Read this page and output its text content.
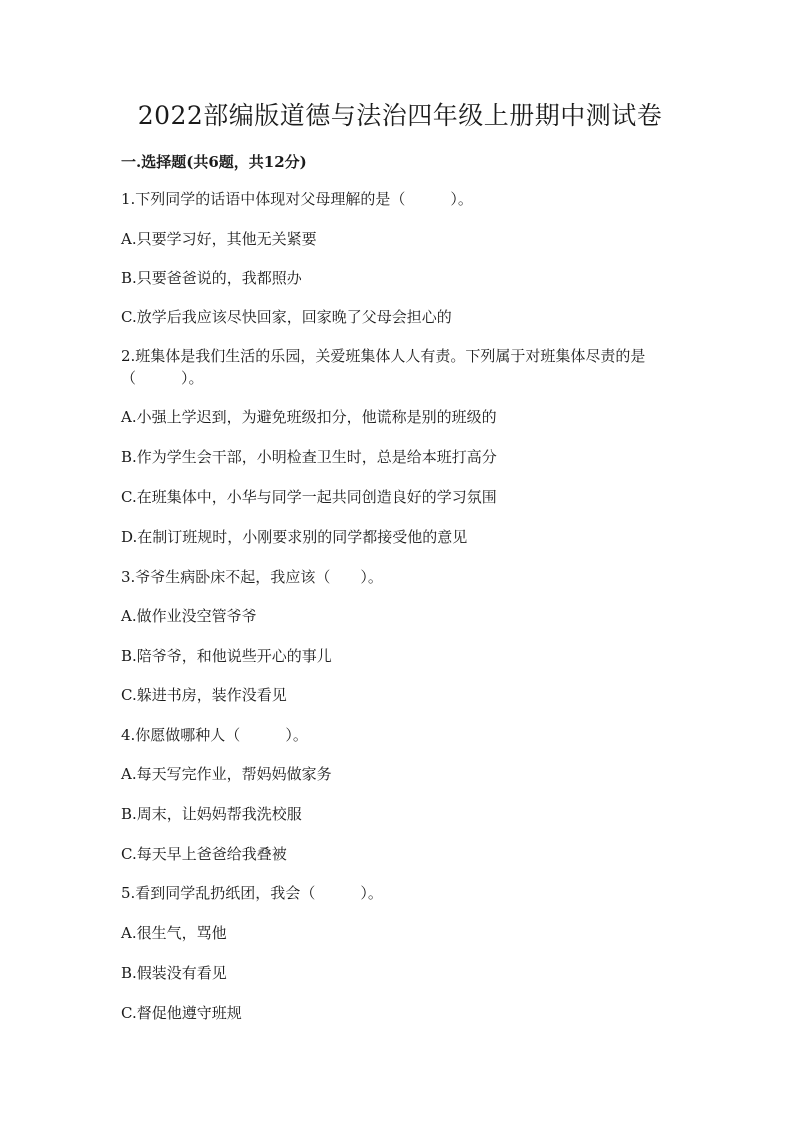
2022部编版道德与法治四年级上册期中测试卷
一.选择题(共6题，共12分)
1.下列同学的话语中体现对父母理解的是（　　　）。
A.只要学习好，其他无关紧要
B.只要爸爸说的，我都照办
C.放学后我应该尽快回家，回家晚了父母会担心的
2.班集体是我们生活的乐园，关爱班集体人人有责。下列属于对班集体尽责的是（　　　）。
A.小强上学迟到，为避免班级扣分，他谎称是别的班级的
B.作为学生会干部，小明检查卫生时，总是给本班打高分
C.在班集体中，小华与同学一起共同创造良好的学习氛围
D.在制订班规时，小刚要求别的同学都接受他的意见
3.爷爷生病卧床不起，我应该（　　）。
A.做作业没空管爷爷
B.陪爷爷，和他说些开心的事儿
C.躲进书房，装作没看见
4.你愿做哪种人（　　　）。
A.每天写完作业，帮妈妈做家务
B.周末，让妈妈帮我洗校服
C.每天早上爸爸给我叠被
5.看到同学乱扔纸团，我会（　　　）。
A.很生气，骂他
B.假装没有看见
C.督促他遵守班规
